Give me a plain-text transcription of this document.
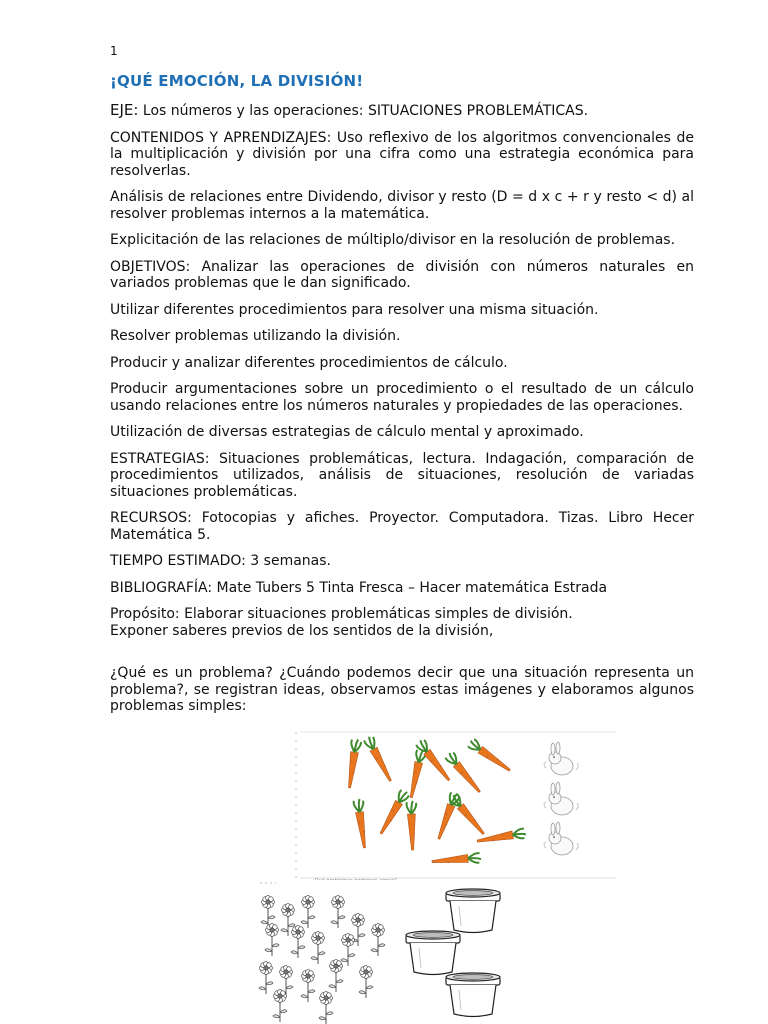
1
¡QUÉ EMOCIÓN, LA DIVISIÓN!

EJE: Los números y las operaciones: SITUACIONES PROBLEMÁTICAS.

CONTENIDOS Y APRENDIZAJES: Uso reflexivo de los algoritmos convencionales de la multiplicación y división por una cifra como una estrategia económica para resolverlas.

Análisis de relaciones entre Dividendo, divisor y resto (D = d x c + r y resto < d) al resolver problemas internos a la matemática.

Explicitación de las relaciones de múltiplo/divisor en la resolución de problemas.

OBJETIVOS: Analizar las operaciones de división con números naturales en variados problemas que le dan significado.

Utilizar diferentes procedimientos para resolver una misma situación.

Resolver problemas utilizando la división.

Producir y analizar diferentes procedimientos de cálculo.

Producir argumentaciones sobre un procedimiento o el resultado de un cálculo usando relaciones entre los números naturales y propiedades de las operaciones.

Utilización de diversas estrategias de cálculo mental y aproximado.

ESTRATEGIAS: Situaciones problemáticas, lectura. Indagación, comparación de procedimientos utilizados, análisis de situaciones, resolución de variadas situaciones problemáticas.

RECURSOS: Fotocopias y afiches. Proyector. Computadora. Tizas. Libro Hecer Matemática 5.

TIEMPO ESTIMADO: 3 semanas.

BIBLIOGRAFÍA: Mate Tubers 5 Tinta Fresca – Hacer matemática Estrada

Propósito: Elaborar situaciones problemáticas simples de división.

Exponer saberes previos de los sentidos de la división,

¿Qué es un problema? ¿Cuándo podemos decir que una situación representa un problema?, se registran ideas, observamos estas imágenes y elaboramos algunos problemas simples:
